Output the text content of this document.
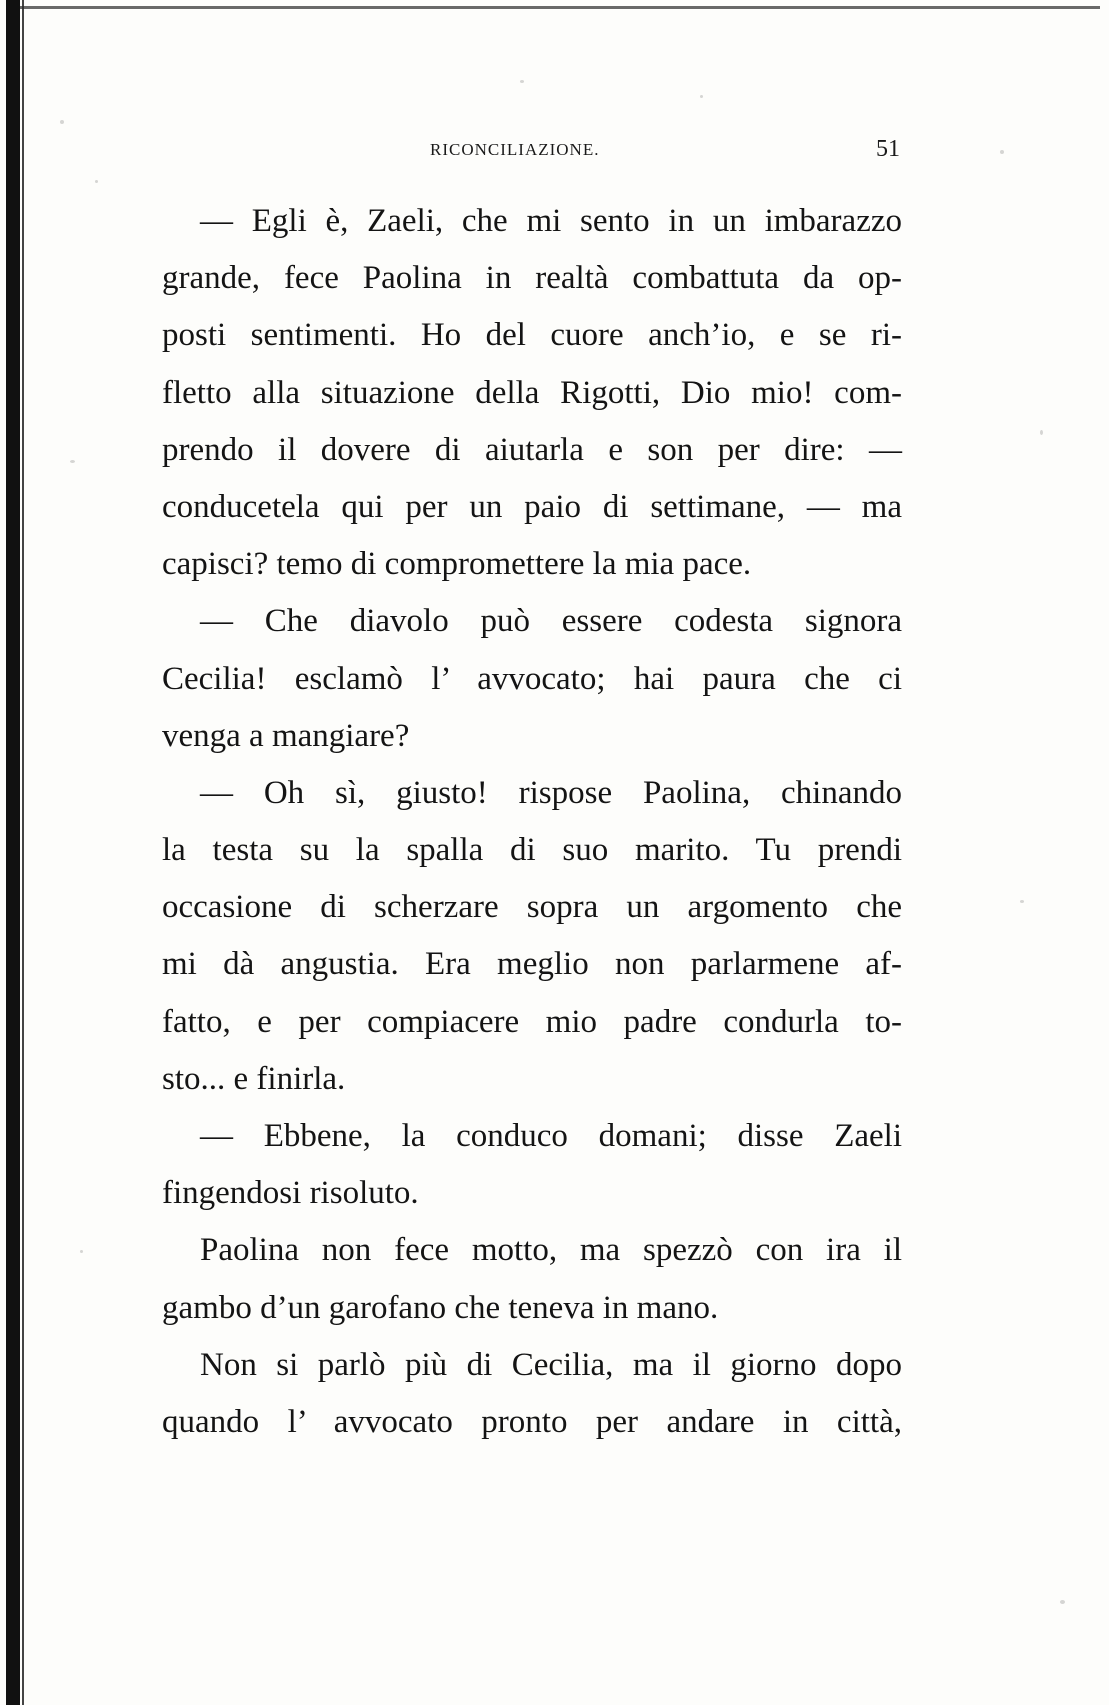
RICONCILIAZIONE.	51
— Egli è, Zaeli, che mi sento in un imbarazzo
grande, fece Paolina in realtà combattuta da op-
posti sentimenti. Ho del cuore anch’io, e se ri-
fletto alla situazione della Rigotti, Dio mio! com-
prendo il dovere di aiutarla e son per dire: —
conducetela qui per un paio di settimane, — ma
capisci? temo di compromettere la mia pace.
— Che diavolo può essere codesta signora
Cecilia! esclamò l’ avvocato; hai paura che ci
venga a mangiare?
— Oh sì, giusto! rispose Paolina, chinando
la testa su la spalla di suo marito. Tu prendi
occasione di scherzare sopra un argomento che
mi dà angustia. Era meglio non parlarmene af-
fatto, e per compiacere mio padre condurla to-
sto... e finirla.
— Ebbene, la conduco domani; disse Zaeli
fingendosi risoluto.
Paolina non fece motto, ma spezzò con ira il
gambo d’un garofano che teneva in mano.
Non si parlò più di Cecilia, ma il giorno dopo
quando l’ avvocato pronto per andare in città,
